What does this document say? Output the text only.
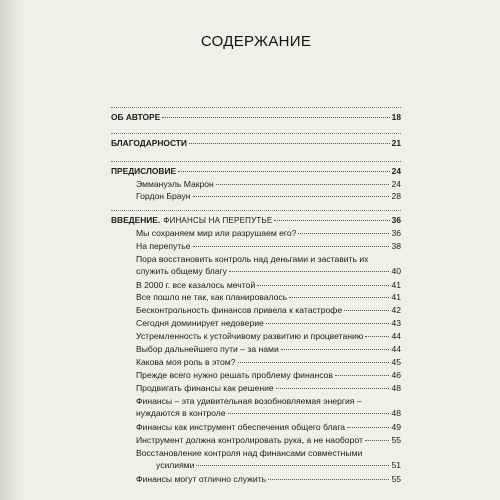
СОДЕРЖАНИЕ
ОБ АВТОРЕ	18
БЛАГОДАРНОСТИ	21
ПРЕДИСЛОВИЕ	24
Эммануэль Макрон	24
Гордон Браун	28
ВВЕДЕНИЕ. ФИНАНСЫ НА ПЕРЕПУТЬЕ	36
Мы сохраняем мир или разрушаем его?	36
На перепутье	38
Пора восстановить контроль над деньгами и заставить их
служить общему благу	40
В 2000 г. все казалось мечтой	41
Все пошло не так, как планировалось	41
Бесконтрольность финансов привела к катастрофе	42
Сегодня доминирует недоверие	43
Устремленность к устойчивому развитию и процветанию	44
Выбор дальнейшего пути – за нами	44
Какова моя роль в этом?	45
Прежде всего нужно решать проблему финансов	46
Продвигать финансы как решение	48
Финансы – эта удивительная возобновляемая энергия –
нуждаются в контроле	48
Финансы как инструмент обеспечения общего блага	49
Инструмент должна контролировать рука, а не наоборот	55
Восстановление контроля над финансами совместными
усилиями	51
Финансы могут отлично служить	55
